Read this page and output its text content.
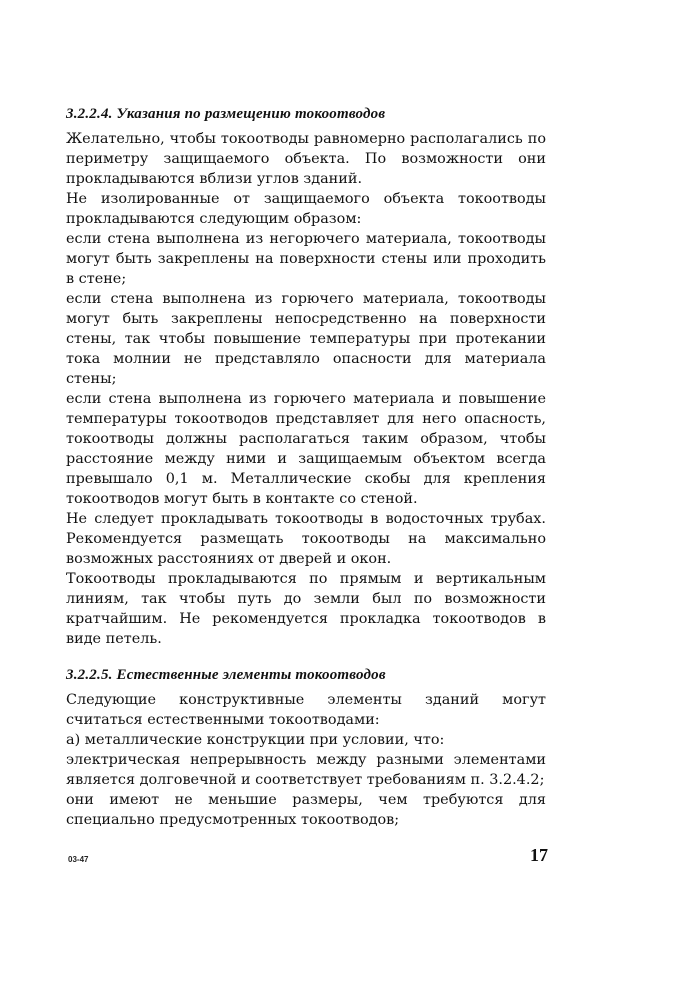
3.2.2.4. Указания по размещению токоотводов

Желательно, чтобы токоотводы равномерно располагались по периметру защищаемого объекта. По возможности они прокладываются вблизи углов зданий.

Не изолированные от защищаемого объекта токоотводы прокладываются следующим образом:

если стена выполнена из негорючего материала, токоотводы могут быть закреплены на поверхности стены или проходить в стене;

если стена выполнена из горючего материала, токоотводы могут быть закреплены непосредственно на поверхности стены, так чтобы повышение температуры при протекании тока молнии не представляло опасности для материала стены;

если стена выполнена из горючего материала и повышение температуры токоотводов представляет для него опасность, токоотводы должны располагаться таким образом, чтобы расстояние между ними и защищаемым объектом всегда превышало 0,1 м. Металлические скобы для крепления токоотводов могут быть в контакте со стеной.

Не следует прокладывать токоотводы в водосточных трубах. Рекомендуется размещать токоотводы на максимально возможных расстояниях от дверей и окон.

Токоотводы прокладываются по прямым и вертикальным линиям, так чтобы путь до земли был по возможности кратчайшим. Не рекомендуется прокладка токоотводов в виде петель.

3.2.2.5. Естественные элементы токоотводов

Следующие конструктивные элементы зданий могут считаться естественными токоотводами:

а) металлические конструкции при условии, что:

электрическая непрерывность между разными элементами является долговечной и соответствует требованиям п. 3.2.4.2;

они имеют не меньшие размеры, чем требуются для специально предусмотренных токоотводов;

03-47	17
